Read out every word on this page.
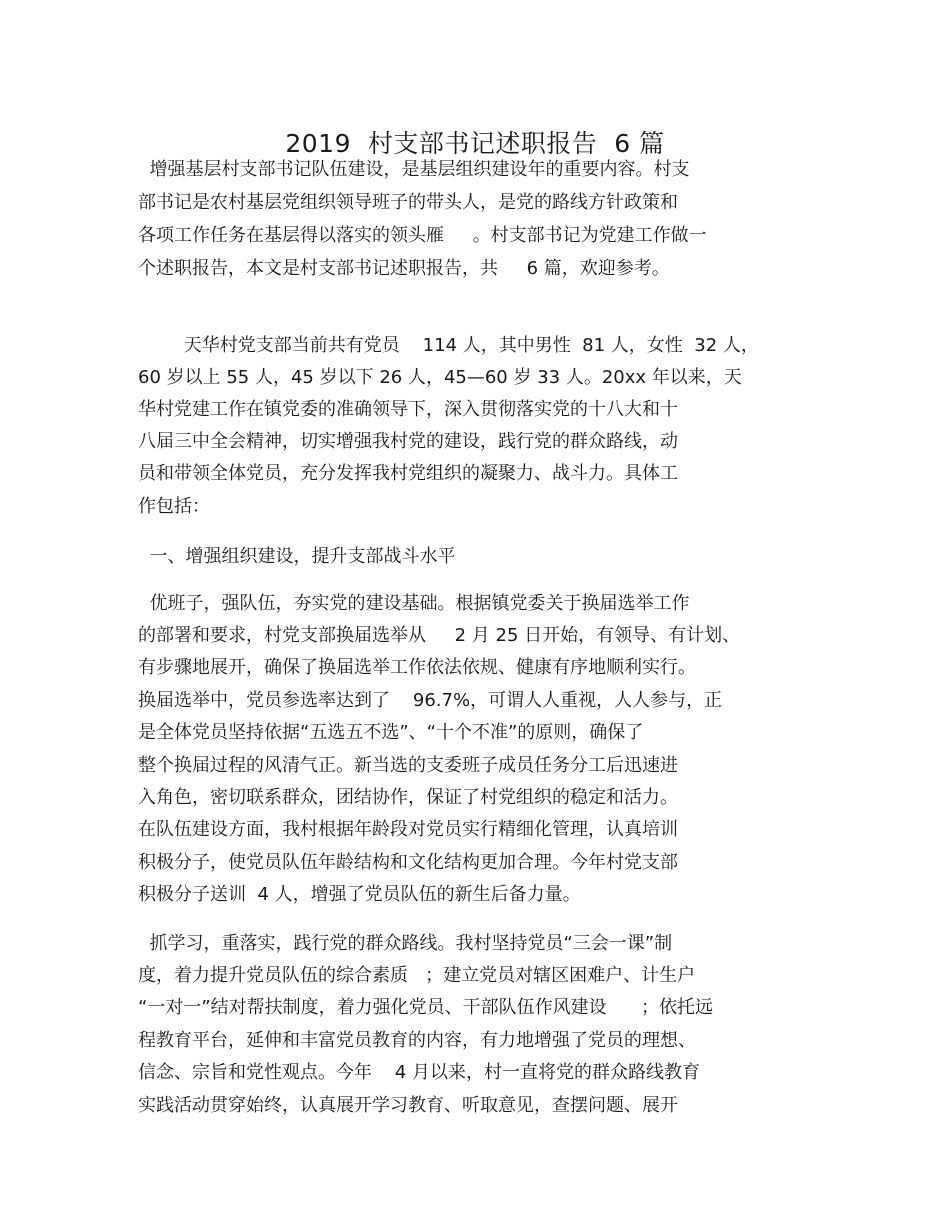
2019  村支部书记述职报告  6 篇
增强基层村支部书记队伍建设，是基层组织建设年的重要内容。村支
部书记是农村基层党组织领导班子的带头人，是党的路线方针政策和
各项工作任务在基层得以落实的领头雁     。村支部书记为党建工作做一
个述职报告，本文是村支部书记述职报告，共     6 篇，欢迎参考。
天华村党支部当前共有党员    114 人，其中男性  81 人，女性  32 人，
60 岁以上 55 人，45 岁以下 26 人，45—60 岁 33 人。20xx 年以来，天
华村党建工作在镇党委的准确领导下，深入贯彻落实党的十八大和十
八届三中全会精神，切实增强我村党的建设，践行党的群众路线，动
员和带领全体党员，充分发挥我村党组织的凝聚力、战斗力。具体工
作包括：
一、增强组织建设，提升支部战斗水平
优班子，强队伍，夯实党的建设基础。根据镇党委关于换届选举工作
的部署和要求，村党支部换届选举从     2 月 25 日开始，有领导、有计划、
有步骤地展开，确保了换届选举工作依法依规、健康有序地顺利实行。
换届选举中，党员参选率达到了    96.7%，可谓人人重视，人人参与，正
是全体党员坚持依据“五选五不选”、“十个不准”的原则，确保了
整个换届过程的风清气正。新当选的支委班子成员任务分工后迅速进
入角色，密切联系群众，团结协作，保证了村党组织的稳定和活力。
在队伍建设方面，我村根据年龄段对党员实行精细化管理，认真培训
积极分子，使党员队伍年龄结构和文化结构更加合理。今年村党支部
积极分子送训  4 人，增强了党员队伍的新生后备力量。
抓学习，重落实，践行党的群众路线。我村坚持党员“三会一课”制
度，着力提升党员队伍的综合素质   ；建立党员对辖区困难户、计生户
“一对一”结对帮扶制度，着力强化党员、干部队伍作风建设      ；依托远
程教育平台，延伸和丰富党员教育的内容，有力地增强了党员的理想、
信念、宗旨和党性观点。今年    4 月以来，村一直将党的群众路线教育
实践活动贯穿始终，认真展开学习教育、听取意见，查摆问题、展开
